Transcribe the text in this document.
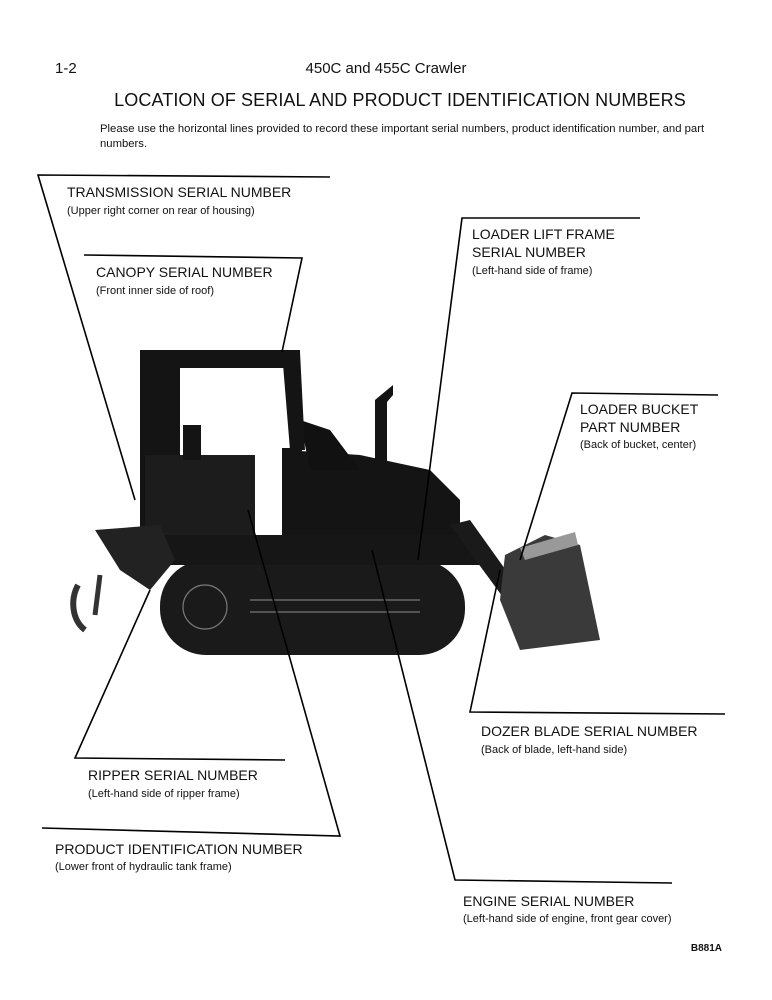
1-2	450C and 455C Crawler
LOCATION OF SERIAL AND PRODUCT IDENTIFICATION NUMBERS
Please use the horizontal lines provided to record these important serial numbers, product identification number, and part numbers.
TRANSMISSION SERIAL NUMBER
(Upper right corner on rear of housing)
CANOPY SERIAL NUMBER
(Front inner side of roof)
LOADER LIFT FRAME
SERIAL NUMBER
(Left-hand side of frame)
LOADER BUCKET
PART NUMBER
(Back of bucket, center)
DOZER BLADE SERIAL NUMBER
(Back of blade, left-hand side)
RIPPER SERIAL NUMBER
(Left-hand side of ripper frame)
PRODUCT IDENTIFICATION NUMBER
(Lower front of hydraulic tank frame)
ENGINE SERIAL NUMBER
(Left-hand side of engine, front gear cover)
B881A
